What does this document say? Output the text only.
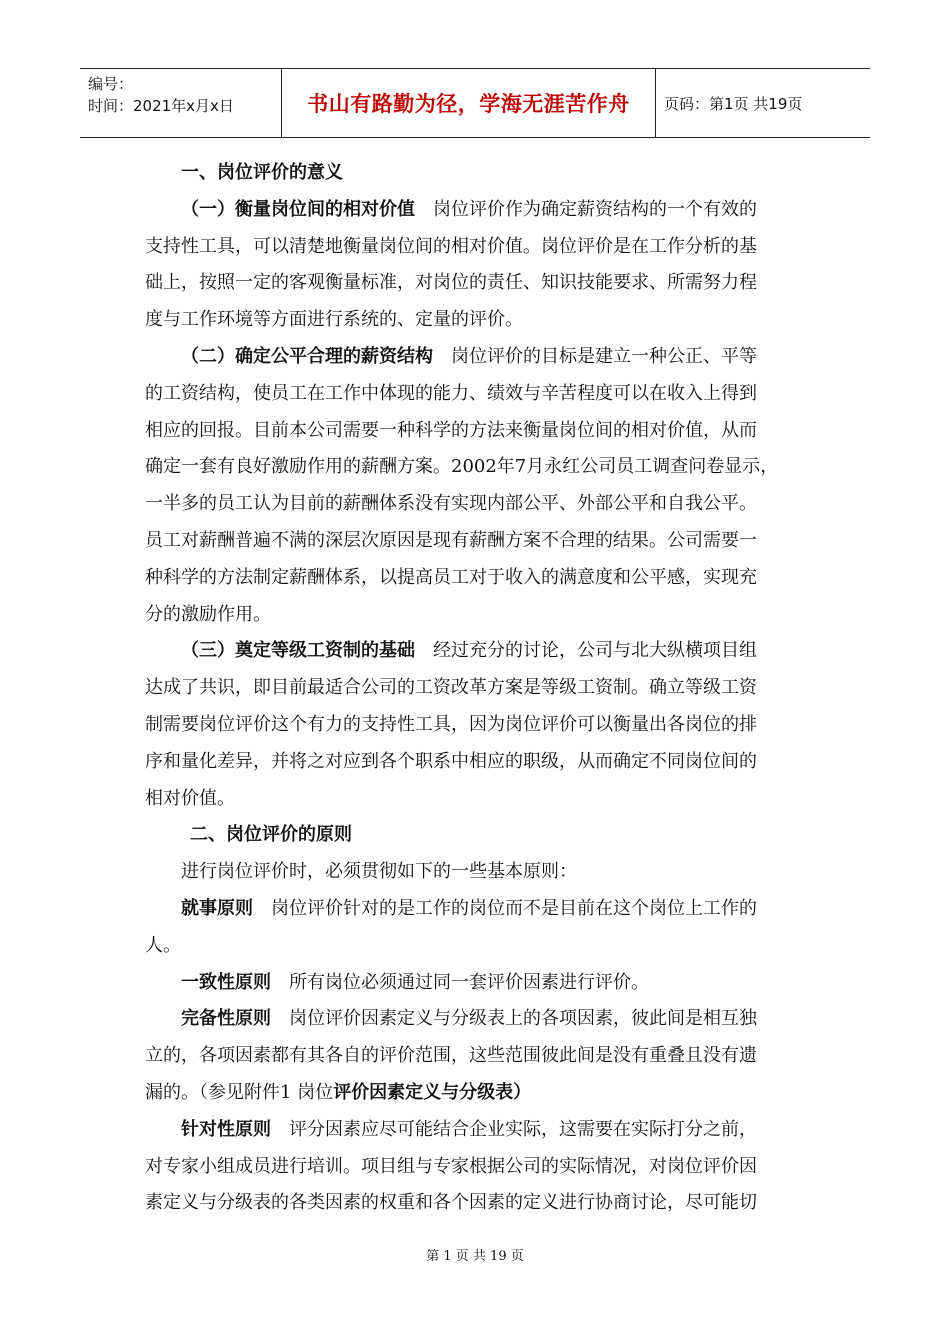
编号：
时间：2021年x月x日	书山有路勤为径，学海无涯苦作舟	页码：第1页 共19页
一、岗位评价的意义
（一）衡量岗位间的相对价值 岗位评价作为确定薪资结构的一个有效的
支持性工具，可以清楚地衡量岗位间的相对价值。岗位评价是在工作分析的基
础上，按照一定的客观衡量标准，对岗位的责任、知识技能要求、所需努力程
度与工作环境等方面进行系统的、定量的评价。
（二）确定公平合理的薪资结构 岗位评价的目标是建立一种公正、平等
的工资结构，使员工在工作中体现的能力、绩效与辛苦程度可以在收入上得到
相应的回报。目前本公司需要一种科学的方法来衡量岗位间的相对价值，从而
确定一套有良好激励作用的薪酬方案。2002年7月永红公司员工调查问卷显示，
一半多的员工认为目前的薪酬体系没有实现内部公平、外部公平和自我公平。
员工对薪酬普遍不满的深层次原因是现有薪酬方案不合理的结果。公司需要一
种科学的方法制定薪酬体系，以提高员工对于收入的满意度和公平感，实现充
分的激励作用。
（三）奠定等级工资制的基础 经过充分的讨论，公司与北大纵横项目组
达成了共识，即目前最适合公司的工资改革方案是等级工资制。确立等级工资
制需要岗位评价这个有力的支持性工具，因为岗位评价可以衡量出各岗位的排
序和量化差异，并将之对应到各个职系中相应的职级，从而确定不同岗位间的
相对价值。
二、岗位评价的原则
进行岗位评价时，必须贯彻如下的一些基本原则：
就事原则 岗位评价针对的是工作的岗位而不是目前在这个岗位上工作的
人。
一致性原则 所有岗位必须通过同一套评价因素进行评价。
完备性原则 岗位评价因素定义与分级表上的各项因素，彼此间是相互独
立的，各项因素都有其各自的评价范围，这些范围彼此间是没有重叠且没有遗
漏的。（参见附件1 岗位评价因素定义与分级表）
针对性原则 评分因素应尽可能结合企业实际，这需要在实际打分之前，
对专家小组成员进行培训。项目组与专家根据公司的实际情况，对岗位评价因
素定义与分级表的各类因素的权重和各个因素的定义进行协商讨论，尽可能切
第 1 页 共 19 页
